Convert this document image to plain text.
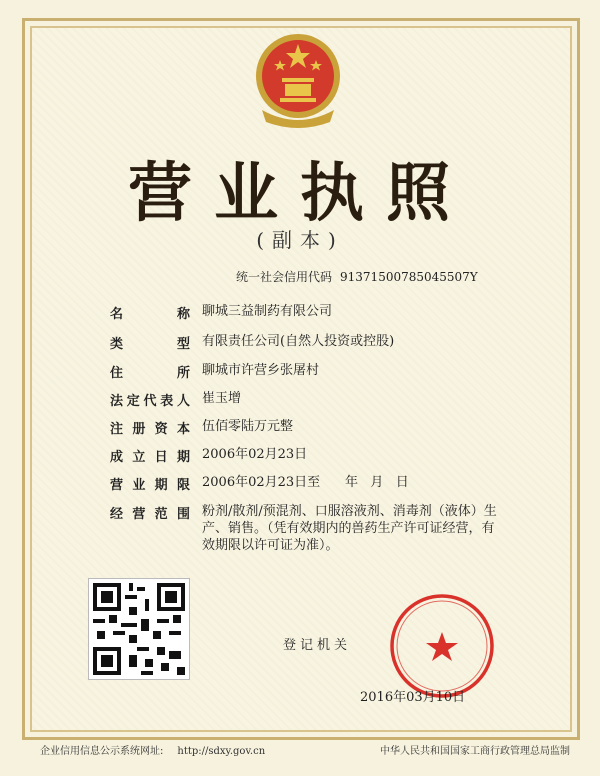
营业执照
(副本)
统一社会信用代码 91371500785045507Y
名称 聊城三益制药有限公司
类型 有限责任公司(自然人投资或控股)
住所 聊城市许营乡张屠村
法定代表人 崔玉增
注册资本 伍佰零陆万元整
成立日期 2006年02月23日
营业期限 2006年02月23日至      年   月   日
经营范围 粉剂/散剂/预混剂、口服溶液剂、消毒剂（液体）生产、销售。（凭有效期内的兽药生产许可证经营，有效期限以许可证为准）。
登记机关
2016年03月10日
企业信用信息公示系统网址: http://sdxy.gov.cn	中华人民共和国国家工商行政管理总局监制
